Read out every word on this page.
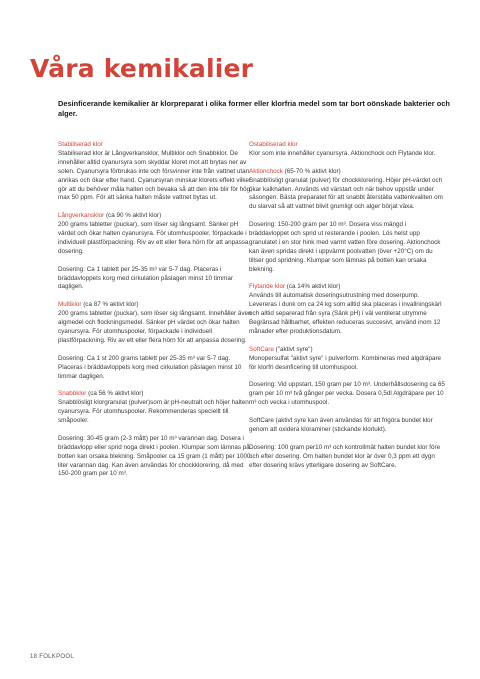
Våra kemikalier
Desinficerande kemikalier är klorpreparat i olika former eller klorfria medel som tar bort oönskade bakterier och alger.
Stabiliserad klor

Stabiliserad klor är Långverkansklor, Multiklor och Snabbklor. De innehåller alltid cyanursyra som skyddar kloret mot att brytas ner av solen. Cyanursyra förbrukas inte och försvinner inte från vattnet utan anrikas och ökar efter hand. Cyanursyran minskar klorets effekt vilket gör att du behöver måla halten och bevaka så att den inte blir för hög, max 50 ppm. För att sänka halten måste vattnet bytas ut.

Långverkansklor (ca 90 % aktivt klor)

200 grams tabletter (puckar), som löser sig långsamt. Sänker pH värdet och ökar halten cyanursyra. För utomhuspooler, förpackade i individuell plastförpackning. Riv av ett eller flera hörn för att anpassa dosering.

Dosering: Ca 1 tablett per 25-35 m³ var 5-7 dag. Placeras i bräddavloppets korg med cirkulation påslagen minst 10 timmar dagligen.

Multiklor (ca 87 % aktivt klor)

200 grams tabletter (puckar), som löser sig långsamt. Innehåller även algmedel och flockningsmedel. Sänker pH värdet och ökar halten cyanursyra. För utomhuspooler, förpackade i individuell plastförpackning. Riv av ett eller flera hörn för att anpassa dosering.

Dosering: Ca 1 st 200 grams tablett per 25-35 m³ var 5-7 dag. Placeras i bräddavloppets korg med cirkulation påslagen minst 10 timmar dagligen.

Snabbklor (ca 56 % aktivt klor)

Snabblösligt klorgranulat (pulver)som är pH-neutralt och höjer halten cyanursyra. För utomhuspooler. Rekommenderas speciellt till småpooler.

Dosering: 30-45 gram (2-3 mått) per 10 m³ varannan dag. Dosera i bräddavlopp eller sprid noga direkt i poolen. Klumpar som lämnas på botten kan orsaka blekning. Småpooler ca 15 gram (1 mått) per 1000 liter varannan dag. Kan även användas för chockklorering, då med 150-200 gram per 10 m³.

Ostabiliserad klor

Klor som inte innehåller cyanursyra. Aktionchock och Flytande klor.

Aktionchock (65-70 % aktivt klor)

Snabblösligt granulat (pulver) för chockklorering. Höjer pH-värdet och ökar kalkhalten. Används vid värstart och när behov uppstår under säsongen. Bästa preparatet för att snabbt återställa vattenkvaliten om du slarvat så att vattnet blivit grumligt och alger börjat växa.

Dosering: 150-200 gram per 10 m³. Dosera viss mängd i bräddavloppet och sprid ut resterande i poolen. Lös helst upp granulatet i en stor hink med varmt vatten före dosering. Aktionchock kan även spridas direkt i uppvärmt poolvatten (över +20°C) om du tillser god spridning. Klumpar som lämnas på botten kan orsaka blekning.

Flytande klor (ca 14% aktivt klor)

Används till automatisk doseringsutrustning med doserpump. Levereras i dunk om ca 24 kg som alltid ska placeras i invallningskärl och alltid separerad från syra (Sänk pH) i väl ventilerat utrymme Begränsad hållbarhet, effekten reduceras succesivt, använd inom 12 månader efter produktionsdatum.

SoftCare ("aktivt syre")

Monopersulfat "aktivt syre" i pulverform. Kombineras med algdräpare för klorfri desinficering till utomhuspool.

Dosering: Vid uppstart, 150 gram per 10 m³. Underhållsdosering ca 65 gram per 10 m³ två gånger per vecka. Dosera 0,5dl Algdräpare per 10 m³ och vecka i utomhuspool.

SoftCare (aktivt syre kan även användas för att frigöra bundet klor genom att oxidera kloraminer (stickande klorlukt).

Dosering: 100 gram per10 m³ och kontrollmät halten bundet klor före och efter dosering. Om halten bundet klor är över 0,3 ppm ett dygn efter dosering krävs ytterligare dosering av SoftCare.

18 FOLKPOOL
